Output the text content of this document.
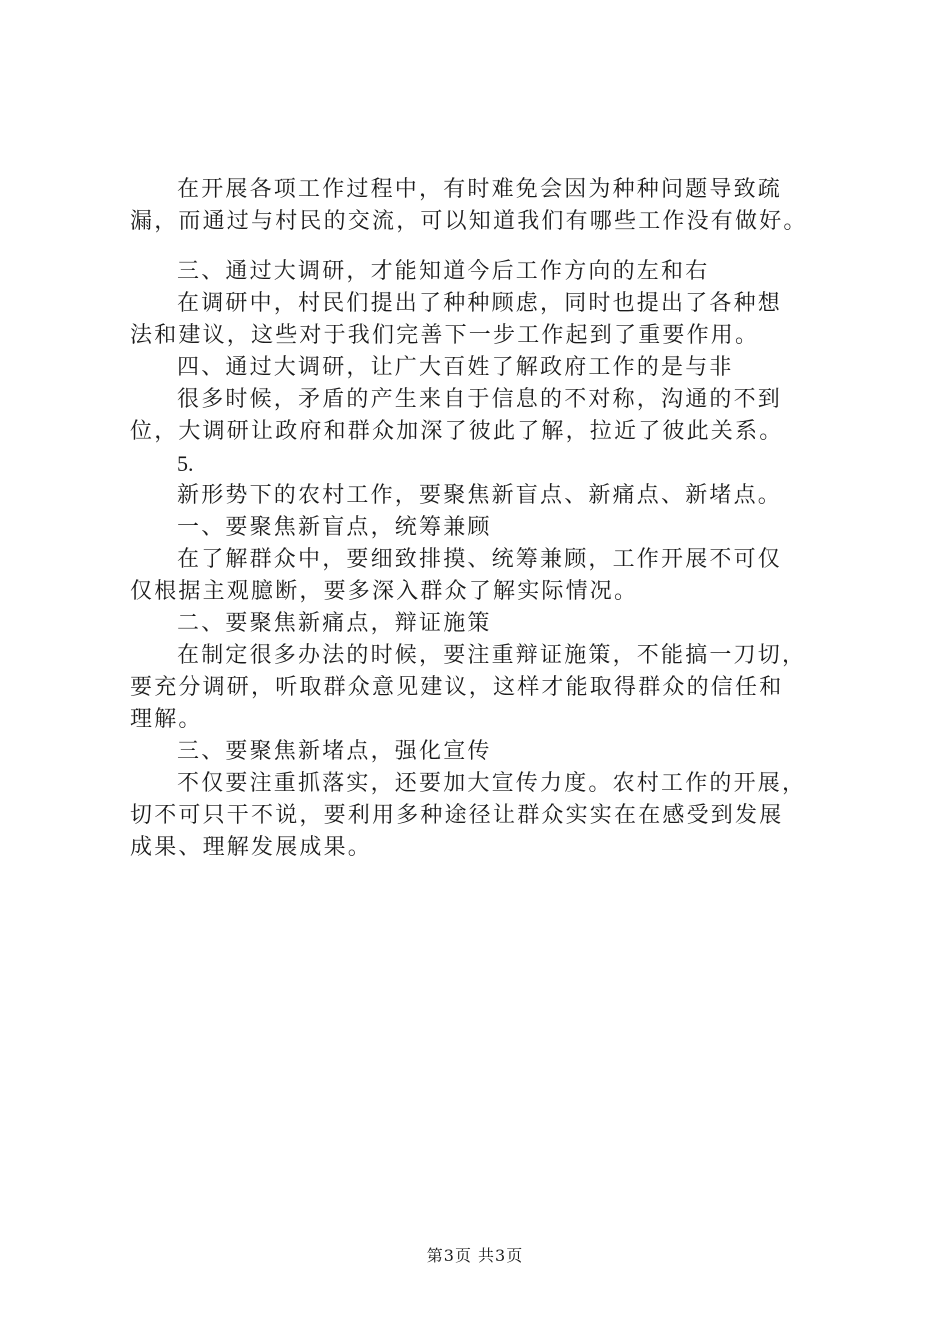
在开展各项工作过程中，有时难免会因为种种问题导致疏
漏，而通过与村民的交流，可以知道我们有哪些工作没有做好。
三、通过大调研，才能知道今后工作方向的左和右
在调研中，村民们提出了种种顾虑，同时也提出了各种想
法和建议，这些对于我们完善下一步工作起到了重要作用。
四、通过大调研，让广大百姓了解政府工作的是与非
很多时候，矛盾的产生来自于信息的不对称，沟通的不到
位，大调研让政府和群众加深了彼此了解，拉近了彼此关系。
5.
新形势下的农村工作，要聚焦新盲点、新痛点、新堵点。
一、要聚焦新盲点，统筹兼顾
在了解群众中，要细致排摸、统筹兼顾，工作开展不可仅
仅根据主观臆断，要多深入群众了解实际情况。
二、要聚焦新痛点，辩证施策
在制定很多办法的时候，要注重辩证施策，不能搞一刀切，
要充分调研，听取群众意见建议，这样才能取得群众的信任和
理解。
三、要聚焦新堵点，强化宣传
不仅要注重抓落实，还要加大宣传力度。农村工作的开展，
切不可只干不说，要利用多种途径让群众实实在在感受到发展
成果、理解发展成果。
第3页 共3页
